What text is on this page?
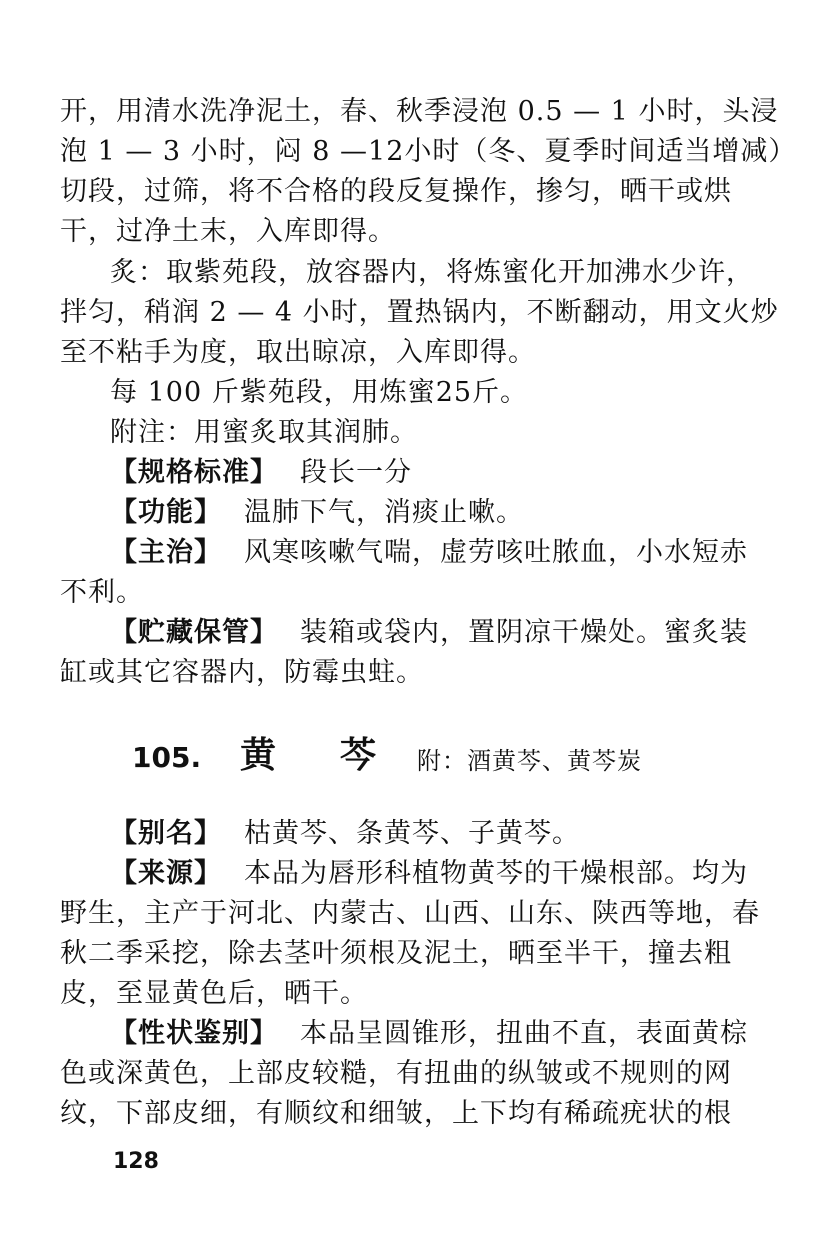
开，用清水洗净泥土，春、秋季浸泡 0.5 — 1 小时，头浸
泡 1 — 3 小时，闷 8 —12小时（冬、夏季时间适当增减）
切段，过筛，将不合格的段反复操作，掺匀，晒干或烘
干，过净土末，入库即得。
炙：取紫苑段，放容器内，将炼蜜化开加沸水少许，
拌匀，稍润 2 — 4 小时，置热锅内，不断翻动，用文火炒
至不粘手为度，取出晾凉，入库即得。
每 100 斤紫苑段，用炼蜜25斤。
附注：用蜜炙取其润肺。
【规格标准】 段长一分
【功能】 温肺下气，消痰止嗽。
【主治】 风寒咳嗽气喘，虚劳咳吐脓血，小水短赤
不利。
【贮藏保管】 装箱或袋内，置阴凉干燥处。蜜炙装
缸或其它容器内，防霉虫蛀。
105. 黄 芩 附：酒黄芩、黄芩炭
【别名】 枯黄芩、条黄芩、子黄芩。
【来源】 本品为唇形科植物黄芩的干燥根部。均为
野生，主产于河北、内蒙古、山西、山东、陕西等地，春
秋二季采挖，除去茎叶须根及泥土，晒至半干，撞去粗
皮，至显黄色后，晒干。
【性状鉴别】 本品呈圆锥形，扭曲不直，表面黄棕
色或深黄色，上部皮较糙，有扭曲的纵皱或不规则的网
纹，下部皮细，有顺纹和细皱，上下均有稀疏疣状的根
128
